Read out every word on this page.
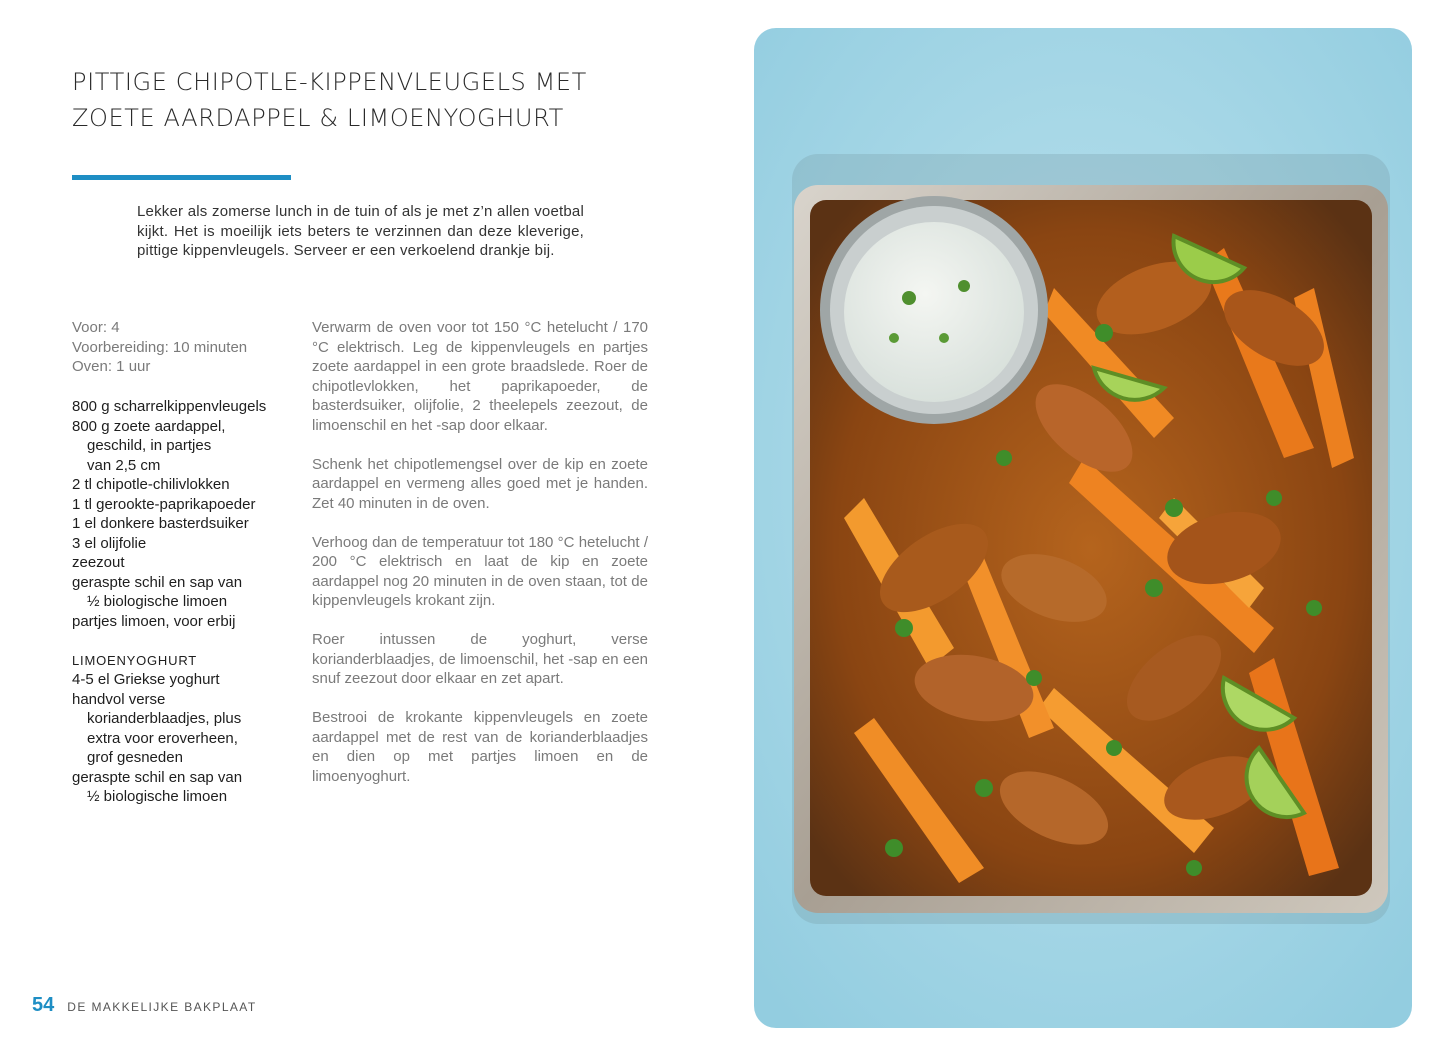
PITTIGE CHIPOTLE-KIPPENVLEUGELS MET
ZOETE AARDAPPEL & LIMOENYOGHURT

Lekker als zomerse lunch in de tuin of als je met z’n allen voetbal kijkt. Het is moeilijk iets beters te verzinnen dan deze kleverige, pittige kippenvleugels. Serveer er een verkoelend drankje bij.

Voor: 4
Voorbereiding: 10 minuten
Oven: 1 uur
800 g scharrelkippenvleugels
800 g zoete aardappel,
geschild, in partjes
van 2,5 cm
2 tl chipotle-chilivlokken
1 tl gerookte-paprikapoeder
1 el donkere basterdsuiker
3 el olijfolie
zeezout
geraspte schil en sap van
½ biologische limoen
partjes limoen, voor erbij
LIMOENYOGHURT
4-5 el Griekse yoghurt
handvol verse
korianderblaadjes, plus
extra voor eroverheen,
grof gesneden
geraspte schil en sap van
½ biologische limoen

Verwarm de oven voor tot 150 °C hetelucht / 170 °C elektrisch. Leg de kippenvleugels en partjes zoete aardappel in een grote braadslede. Roer de chipotlevlokken, het paprikapoeder, de basterdsuiker, olijfolie, 2 theelepels zeezout, de limoenschil en het -sap door elkaar.

Schenk het chipotlemengsel over de kip en zoete aardappel en vermeng alles goed met je handen. Zet 40 minuten in de oven.

Verhoog dan de temperatuur tot 180 °C hetelucht / 200 °C elektrisch en laat de kip en zoete aardappel nog 20 minuten in de oven staan, tot de kippenvleugels krokant zijn.

Roer intussen de yoghurt, verse korianderblaadjes, de limoenschil, het -sap en een snuf zeezout door elkaar en zet apart.

Bestrooi de krokante kippenvleugels en zoete aardappel met de rest van de korianderblaadjes en dien op met partjes limoen en de limoenyoghurt.

54 DE MAKKELIJKE BAKPLAAT
